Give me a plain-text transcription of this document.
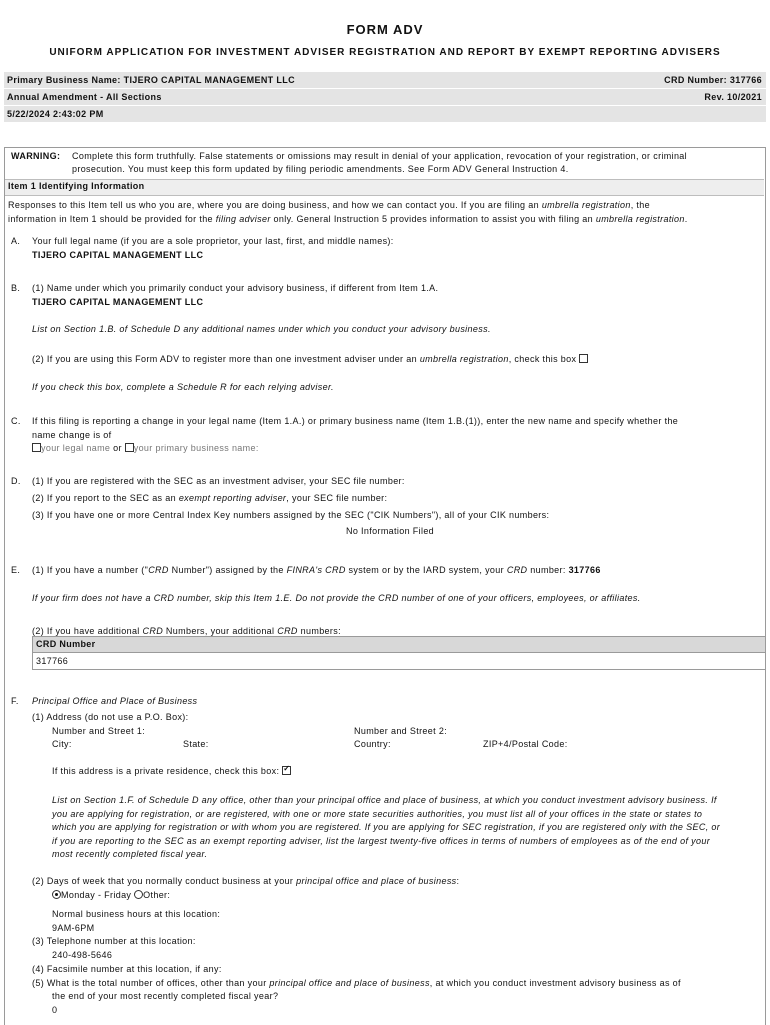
FORM ADV
UNIFORM APPLICATION FOR INVESTMENT ADVISER REGISTRATION AND REPORT BY EXEMPT REPORTING ADVISERS
Primary Business Name: TIJERO CAPITAL MANAGEMENT LLC	CRD Number: 317766
Annual Amendment - All Sections	Rev. 10/2021
5/22/2024 2:43:02 PM
WARNING: Complete this form truthfully. False statements or omissions may result in denial of your application, revocation of your registration, or criminal
prosecution. You must keep this form updated by filing periodic amendments. See Form ADV General Instruction 4.
Item 1 Identifying Information
Responses to this Item tell us who you are, where you are doing business, and how we can contact you. If you are filing an umbrella registration, the
information in Item 1 should be provided for the filing adviser only. General Instruction 5 provides information to assist you with filing an umbrella registration.
A. Your full legal name (if you are a sole proprietor, your last, first, and middle names):
TIJERO CAPITAL MANAGEMENT LLC
B. (1) Name under which you primarily conduct your advisory business, if different from Item 1.A.
TIJERO CAPITAL MANAGEMENT LLC
List on Section 1.B. of Schedule D any additional names under which you conduct your advisory business.
(2) If you are using this Form ADV to register more than one investment adviser under an umbrella registration, check this box
If you check this box, complete a Schedule R for each relying adviser.
C. If this filing is reporting a change in your legal name (Item 1.A.) or primary business name (Item 1.B.(1)), enter the new name and specify whether the
name change is of
your legal name or your primary business name:
D. (1) If you are registered with the SEC as an investment adviser, your SEC file number:
(2) If you report to the SEC as an exempt reporting adviser, your SEC file number:
(3) If you have one or more Central Index Key numbers assigned by the SEC ("CIK Numbers"), all of your CIK numbers:
No Information Filed
E. (1) If you have a number ("CRD Number") assigned by the FINRA's CRD system or by the IARD system, your CRD number: 317766
If your firm does not have a CRD number, skip this Item 1.E. Do not provide the CRD number of one of your officers, employees, or affiliates.
(2) If you have additional CRD Numbers, your additional CRD numbers:
CRD Number
317766
F. Principal Office and Place of Business
(1) Address (do not use a P.O. Box):
Number and Street 1:	Number and Street 2:
City:	State:	Country:	ZIP+4/Postal Code:
If this address is a private residence, check this box: ✓
List on Section 1.F. of Schedule D any office, other than your principal office and place of business, at which you conduct investment advisory business. If
you are applying for registration, or are registered, with one or more state securities authorities, you must list all of your offices in the state or states to
which you are applying for registration or with whom you are registered. If you are applying for SEC registration, if you are registered only with the SEC, or
if you are reporting to the SEC as an exempt reporting adviser, list the largest twenty-five offices in terms of numbers of employees as of the end of your
most recently completed fiscal year.
(2) Days of week that you normally conduct business at your principal office and place of business:
Monday - Friday Other:
Normal business hours at this location:
9AM-6PM
(3) Telephone number at this location:
240-498-5646
(4) Facsimile number at this location, if any:
(5) What is the total number of offices, other than your principal office and place of business, at which you conduct investment advisory business as of
the end of your most recently completed fiscal year?
0
